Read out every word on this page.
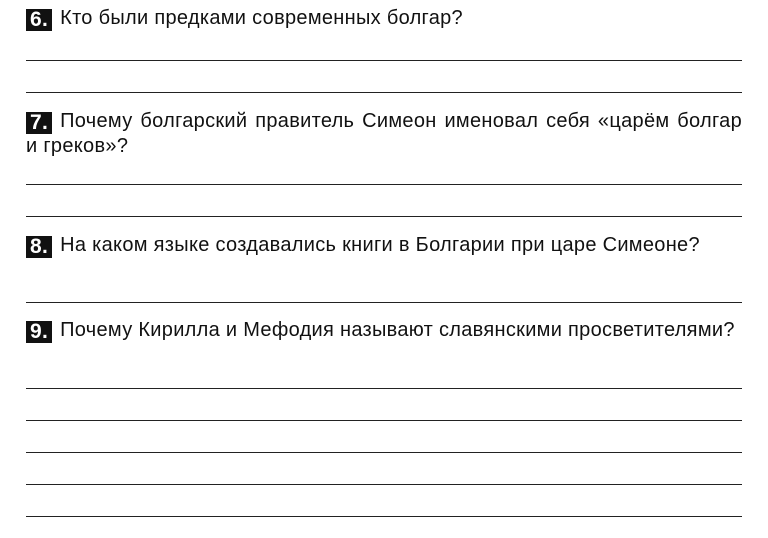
6. Кто были предками современных болгар?
7. Почему болгарский правитель Симеон именовал себя «царём болгар и греков»?
8. На каком языке создавались книги в Болгарии при царе Симеоне?
9. Почему Кирилла и Мефодия называют славянскими просветителями?
